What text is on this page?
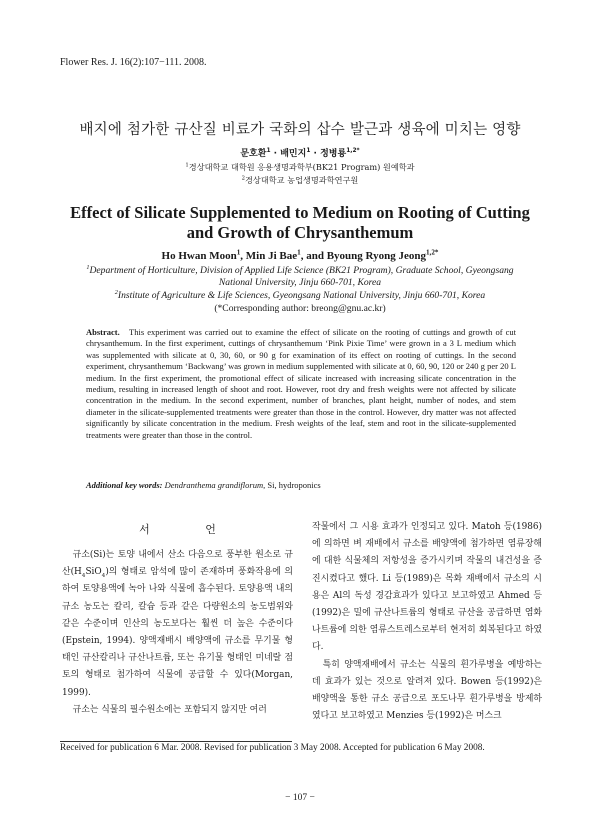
Flower Res. J. 16(2):107−111. 2008.
배지에 첨가한 규산질 비료가 국화의 삽수 발근과 생육에 미치는 영향
문호환$^1$ · 배민지$^1$ · 정병룡$^{1,2*}$
$^1$경상대학교 대학원 응용생명과학부(BK21 Program) 원예학과
$^2$경상대학교 농업생명과학연구원
Effect of Silicate Supplemented to Medium on Rooting of Cutting
and Growth of Chrysanthemum
Ho Hwan Moon$^1$, Min Ji Bae$^1$, and Byoung Ryong Jeong$^{1,2*}$
$^1$Department of Horticulture, Division of Applied Life Science (BK21 Program), Graduate School, Gyeongsang
National University, Jinju 660-701, Korea
$^2$Institute of Agriculture & Life Sciences, Gyeongsang National University, Jinju 660-701, Korea
(*Corresponding author: breong@gnu.ac.kr)

Abstract. This experiment was carried out to examine the effect of silicate on the rooting of cuttings and growth of cut chrysanthemum. In the first experiment, cuttings of chrysanthemum ‘Pink Pixie Time’ were grown in a 3 L medium which was supplemented with silicate at 0, 30, 60, or 90 g for examination of its effect on rooting of cuttings. In the second experiment, chrysanthemum ‘Backwang’ was grown in medium supplemented with silicate at 0, 60, 90, 120 or 240 g per 20 L medium. In the first experiment, the promotional effect of silicate increased with increasing silicate concentration in the medium, resulting in increased length of shoot and root. However, root dry and fresh weights were not affected by silicate concentration in the medium. In the second experiment, number of branches, plant height, number of nodes, and stem diameter in the silicate-supplemented treatments were greater than those in the control. However, dry matter was not affected significantly by silicate concentration in the medium. Fresh weights of the leaf, stem and root in the silicate-supplemented treatments were greater than those in the control.

Additional key words: Dendranthema grandiflorum, Si, hydroponics
서 언

규소(Si)는 토양 내에서 산소 다음으로 풍부한 원소로 규산$(H_4SiO_4)$의 형태로 암석에 많이 존재하며 풍화작용에 의하여 토양용액에 녹아 나와 식물에 흡수된다. 토양용액 내의 규소 농도는 칼리, 칼슘 등과 같은 다량원소의 농도범위와 같은 수준이며 인산의 농도보다는 훨씬 더 높은 수준이다(Epstein, 1994). 양액재배시 배양액에 규소를 무기물 형태인 규산칼리나 규산나트륨, 또는 유기물 형태인 미네랄 점토의 형태로 첨가하여 식물에 공급할 수 있다(Morgan, 1999).

규소는 식물의 필수원소에는 포함되지 않지만 여러

작물에서 그 시용 효과가 인정되고 있다. Matoh 등(1986)에 의하면 벼 재배에서 규소를 배양액에 첨가하면 염류장해에 대한 식물체의 저항성을 증가시키며 작물의 내건성을 증진시켰다고 했다. Li 등(1989)은 목화 재배에서 규소의 시용은 Al의 독성 경감효과가 있다고 보고하였고 Ahmed 등(1992)은 밀에 규산나트륨의 형태로 규산을 공급하면 염화나트륨에 의한 염류스트레스로부터 현저히 회복된다고 하였다.

특히 양액재배에서 규소는 식물의 흰가루병을 예방하는데 효과가 있는 것으로 알려져 있다. Bowen 등(1992)은 배양액을 통한 규소 공급으로 포도나무 흰가루병을 방제하였다고 보고하였고 Menzies 등(1992)은 머스크

Received for publication 6 Mar. 2008. Revised for publication 3 May 2008. Accepted for publication 6 May 2008.
− 107 −
